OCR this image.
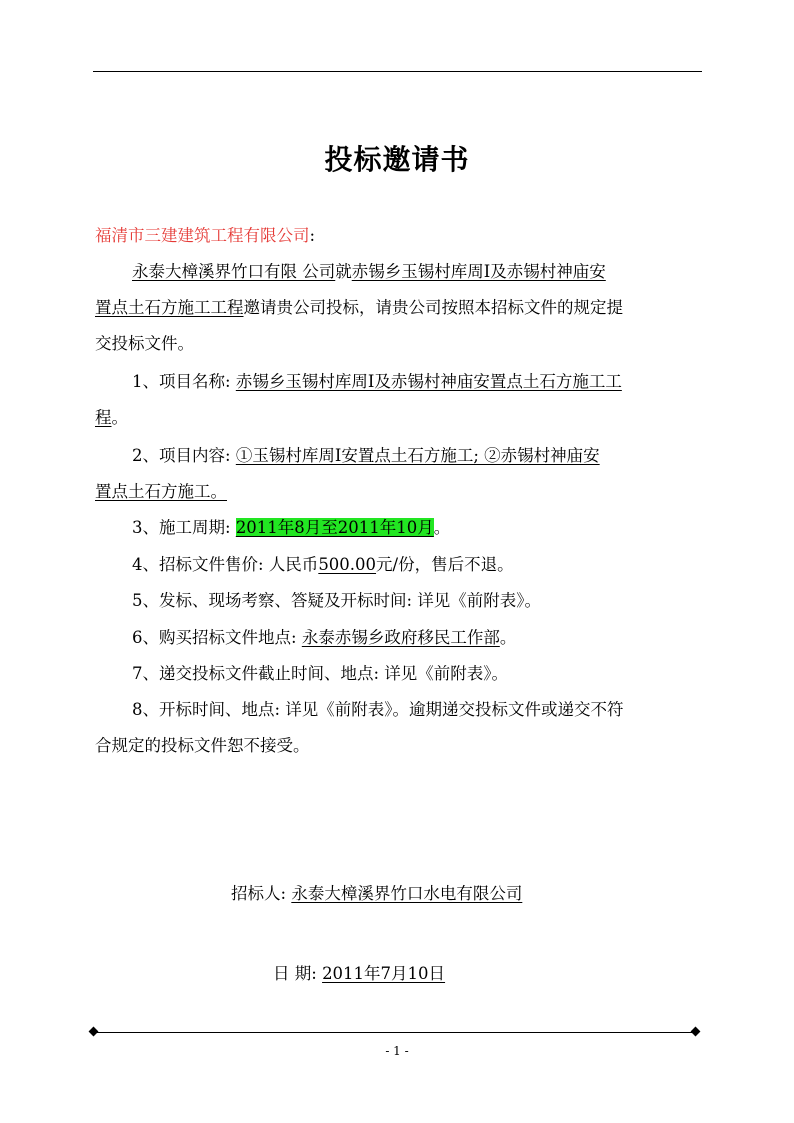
投标邀请书
福清市三建建筑工程有限公司:
永泰大樟溪界竹口有限 公司就赤锡乡玉锡村库周Ⅰ及赤锡村神庙安
置点土石方施工工程邀请贵公司投标，请贵公司按照本招标文件的规定提
交投标文件。
1、项目名称: 赤锡乡玉锡村库周Ⅰ及赤锡村神庙安置点土石方施工工
程。
2、项目内容: ①玉锡村库周Ⅰ安置点土石方施工; ②赤锡村神庙安
置点土石方施工。
3、施工周期: 2011年8月至2011年10月。
4、招标文件售价: 人民币500.00元/份，售后不退。
5、发标、现场考察、答疑及开标时间: 详见《前附表》。
6、购买招标文件地点: 永泰赤锡乡政府移民工作部。
7、递交投标文件截止时间、地点: 详见《前附表》。
8、开标时间、地点: 详见《前附表》。逾期递交投标文件或递交不符
合规定的投标文件恕不接受。
招标人: 永泰大樟溪界竹口水电有限公司
日 期: 2011年7月10日
- 1 -
